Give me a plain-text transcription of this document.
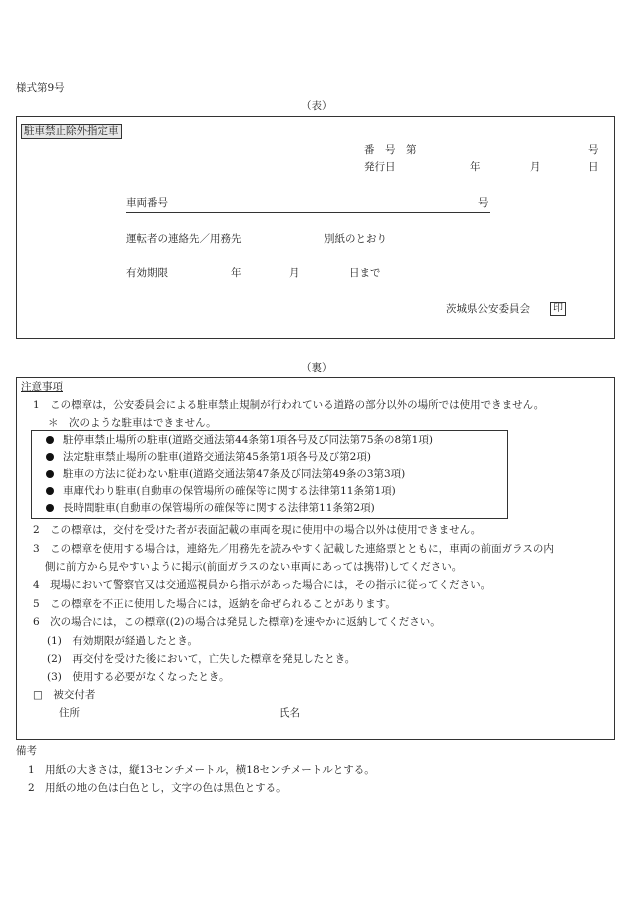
様式第9号
（表）
駐車禁止除外指定車
番　号　第	号
発行日	年	月	日
車両番号	号
運転者の連絡先／用務先	別紙のとおり
有効期限	年	月	日まで
茨城県公安委員会	印
（裏）
注意事項
1　この標章は，公安委員会による駐車禁止規制が行われている道路の部分以外の場所では使用できません。
＊　次のような駐車はできません。
駐停車禁止場所の駐車(道路交通法第44条第1項各号及び同法第75条の8第1項)
法定駐車禁止場所の駐車(道路交通法第45条第1項各号及び第2項)
駐車の方法に従わない駐車(道路交通法第47条及び同法第49条の3第3項)
車庫代わり駐車(自動車の保管場所の確保等に関する法律第11条第1項)
長時間駐車(自動車の保管場所の確保等に関する法律第11条第2項)
2　この標章は，交付を受けた者が表面記載の車両を現に使用中の場合以外は使用できません。
3　この標章を使用する場合は，連絡先／用務先を読みやすく記載した連絡票とともに，車両の前面ガラスの内
側に前方から見やすいように掲示(前面ガラスのない車両にあっては携帯)してください。
4　現場において警察官又は交通巡視員から指示があった場合には，その指示に従ってください。
5　この標章を不正に使用した場合には，返納を命ぜられることがあります。
6　次の場合には，この標章((2)の場合は発見した標章)を速やかに返納してください。
(1)　有効期限が経過したとき。
(2)　再交付を受けた後において，亡失した標章を発見したとき。
(3)　使用する必要がなくなったとき。
□　被交付者
住所	氏名
備考
1　用紙の大きさは，縦13センチメートル，横18センチメートルとする。
2　用紙の地の色は白色とし，文字の色は黒色とする。
